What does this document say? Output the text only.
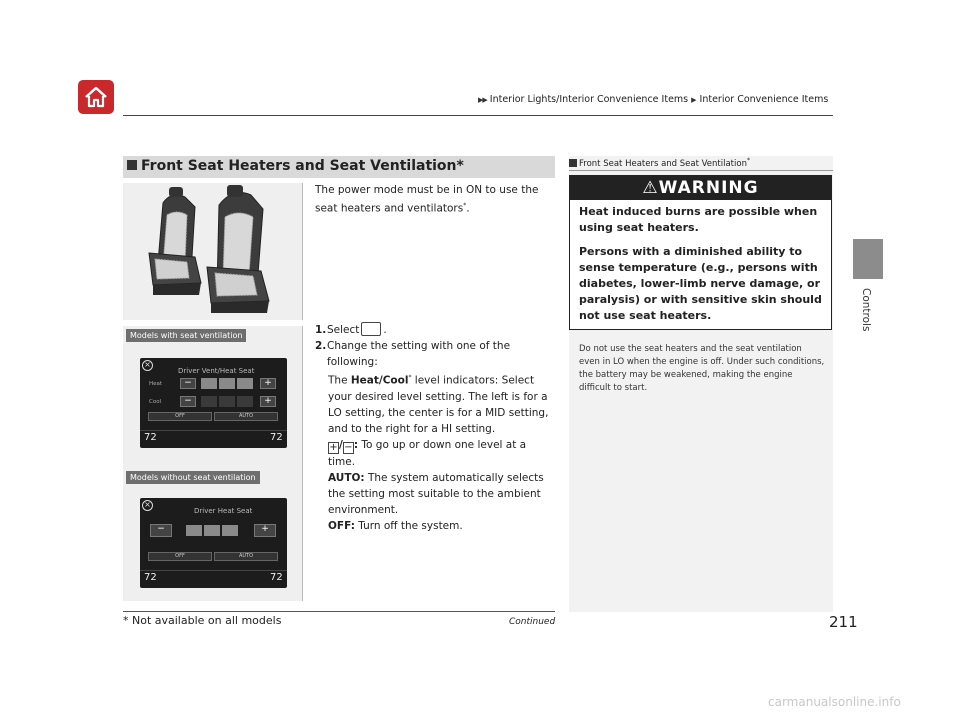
▶▶ Interior Lights/Interior Convenience Items ▶ Interior Convenience Items
Controls
Front Seat Heaters and Seat Ventilation*
Models with seat ventilation
Models without seat ventilation
×
Driver Vent/Heat Seat
Heat
Cool
−	+
−	+
OFF	AUTO
72	72
×
Driver Heat Seat
−	+
OFF	AUTO
72	72
The power mode must be in ON to use the seat heaters and ventilators*.
1.Select .
2. Change the setting with one of the following:
The Heat/Cool* level indicators: Select your desired level setting. The left is for a LO setting, the center is for a MID setting, and to the right for a HI setting.
+/−: To go up or down one level at a time.
AUTO: The system automatically selects the setting most suitable to the ambient environment.
OFF: Turn off the system.
Front Seat Heaters and Seat Ventilation*
⚠WARNING
Heat induced burns are possible when using seat heaters.
Persons with a diminished ability to sense temperature (e.g., persons with diabetes, lower-limb nerve damage, or paralysis) or with sensitive skin should not use seat heaters.
Do not use the seat heaters and the seat ventilation even in LO when the engine is off. Under such conditions, the battery may be weakened, making the engine difficult to start.
* Not available on all models	Continued	211
carmanualsonline.info
